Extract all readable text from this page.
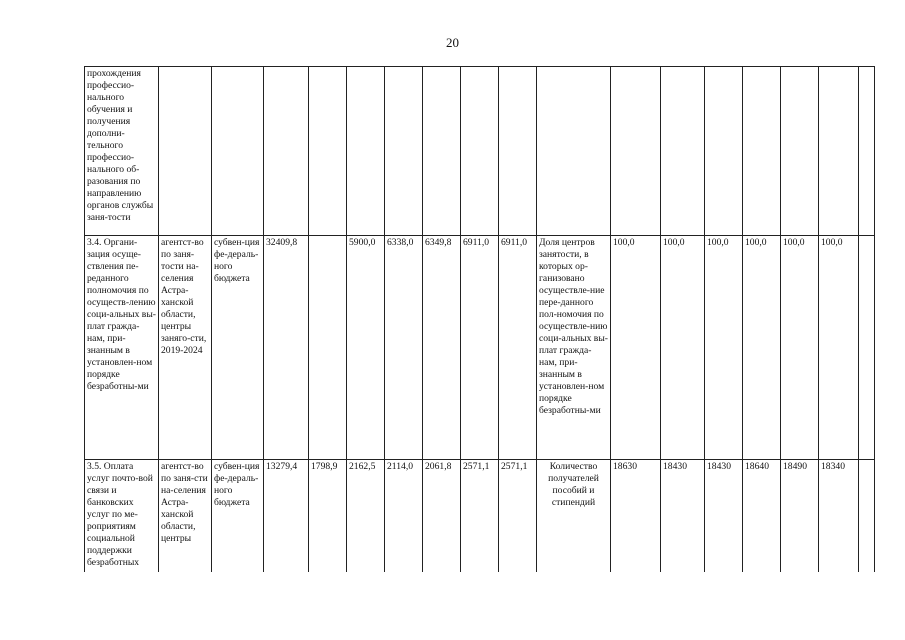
20
прохождения профессио-нального обучения и получения дополни-тельного профессио-нального об-разования по направлению органов службы заня-тости																	
3.4. Органи-зация осуще-ствления пе-реданного полномочия по осуществ-лению соци-альных вы-плат гражда-нам, при-знанным в установлен-ном порядке безработны-ми	агентст-во по заня-тости на-селения Астра-ханской области, центры заняго-сти, 2019-2024	субвен-ция фе-дераль-ного бюджета	32409,8		5900,0	6338,0	6349,8	6911,0	6911,0	Доля центров занятости, в которых ор-ганизовано осуществле-ние пере-данного пол-номочия по осуществле-нию соци-альных вы-плат гражда-нам, при-знанным в установлен-ном порядке безработны-ми	100,0	100,0	100,0	100,0	100,0	100,0	
3.5. Оплата услуг почто-вой связи и банковских услуг по ме-роприятиям социальной поддержки безработных	агентст-во по заня-сти на-селения Астра-ханской области, центры	субвен-ция фе-дераль-ного бюджета	13279,4	1798,9	2162,5	2114,0	2061,8	2571,1	2571,1	Количество получателей пособий и стипендий	18630	18430	18430	18640	18490	18340	
